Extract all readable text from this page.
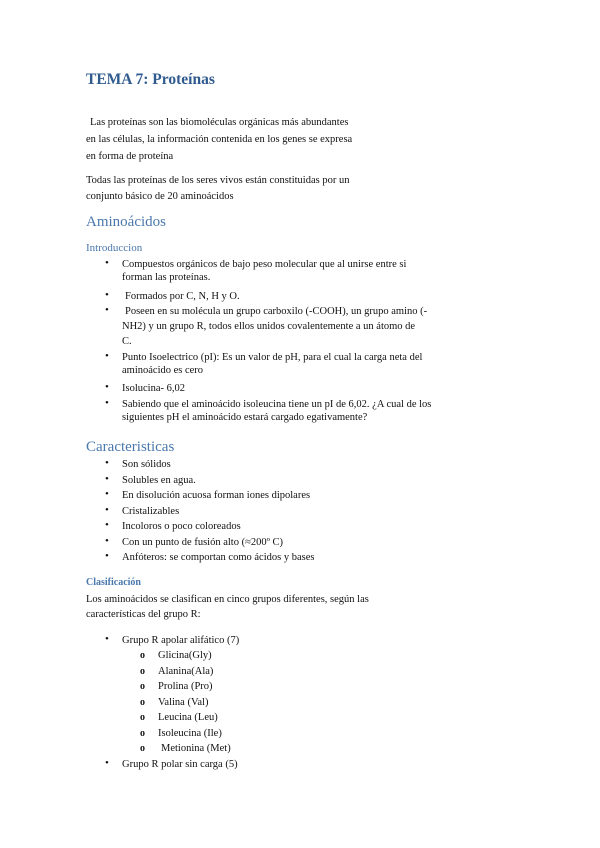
TEMA 7: Proteínas
Las proteínas son las biomoléculas orgánicas más abundantes
en las células, la información contenida en los genes se expresa
en forma de proteína
Todas las proteínas de los seres vivos están constituidas por un
conjunto básico de 20 aminoácidos
Aminoácidos
Introduccion
• Compuestos orgánicos de bajo peso molecular que al unirse entre si
forman las proteínas.
• Formados por C, N, H y O.
• Poseen en su molécula un grupo carboxilo (-COOH), un grupo amino (-
NH2) y un grupo R, todos ellos unidos covalentemente a un átomo de
C.
• Punto Isoelectrico (pI): Es un valor de pH, para el cual la carga neta del
aminoácido es cero
• Isolucina- 6,02
• Sabiendo que el aminoácido isoleucina tiene un pI de 6,02. ¿A cual de los
siguientes pH el aminoácido estará cargado egativamente?
Caracteristicas
• Son sólidos
• Solubles en agua.
• En disolución acuosa forman iones dipolares
• Cristalizables
• Incoloros o poco coloreados
• Con un punto de fusión alto (≈200º C)
• Anfóteros: se comportan como ácidos y bases
Clasificación
Los aminoácidos se clasifican en cinco grupos diferentes, según las
características del grupo R:
• Grupo R apolar alifático (7)
o Glicina(Gly)
o Alanina(Ala)
o Prolina (Pro)
o Valina (Val)
o Leucina (Leu)
o Isoleucina (Ile)
o Metionina (Met)
• Grupo R polar sin carga (5)
